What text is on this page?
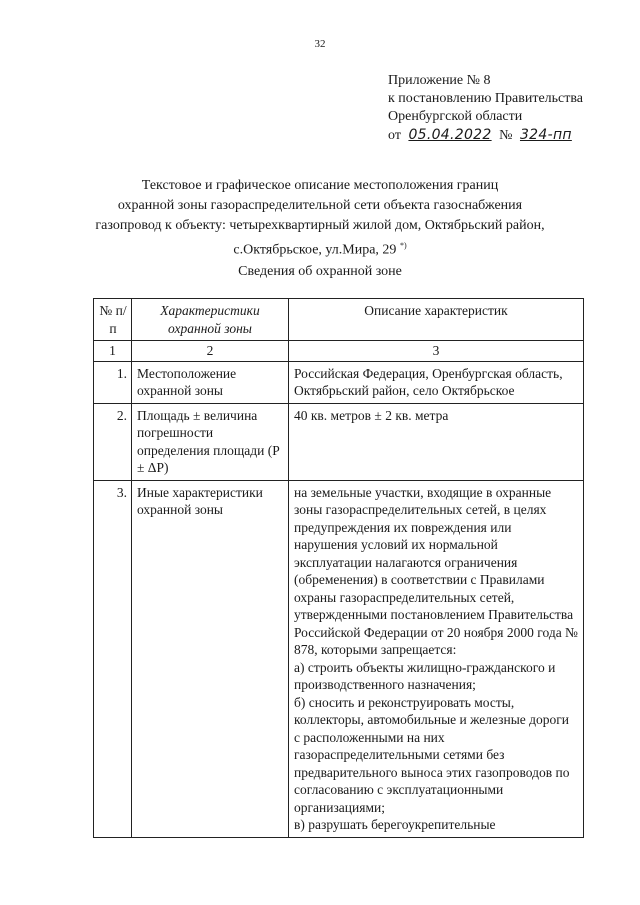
32
Приложение № 8
к постановлению Правительства
Оренбургской области
от 05.04.2022 № 324-пп
Текстовое и графическое описание местоположения границ
охранной зоны газораспределительной сети объекта газоснабжения
газопровод к объекту: четырехквартирный жилой дом, Октябрьский район,
с.Октябрьское, ул.Мира, 29 *)
Сведения об охранной зоне
№ п/п	Характеристики охранной зоны	Описание характеристик
1	2	3
1.	Местоположение охранной зоны	Российская Федерация, Оренбургская область, Октябрьский район, село Октябрьское
2.	Площадь ± величина погрешности определения площади (Р ± ΔР)	40 кв. метров ± 2 кв. метра
3.	Иные характеристики охранной зоны	на земельные участки, входящие в охранные зоны газораспределительных сетей, в целях предупреждения их повреждения или нарушения условий их нормальной эксплуатации налагаются ограничения (обременения) в соответствии с Правилами охраны газораспределительных сетей, утвержденными постановлением Правительства Российской Федерации от 20 ноября 2000 года № 878, которыми запрещается:
а) строить объекты жилищно-гражданского и производственного назначения;
б) сносить и реконструировать мосты, коллекторы, автомобильные и железные дороги с расположенными на них газораспределительными сетями без предварительного выноса этих газопроводов по согласованию с эксплуатационными организациями;
в) разрушать берегоукрепительные
